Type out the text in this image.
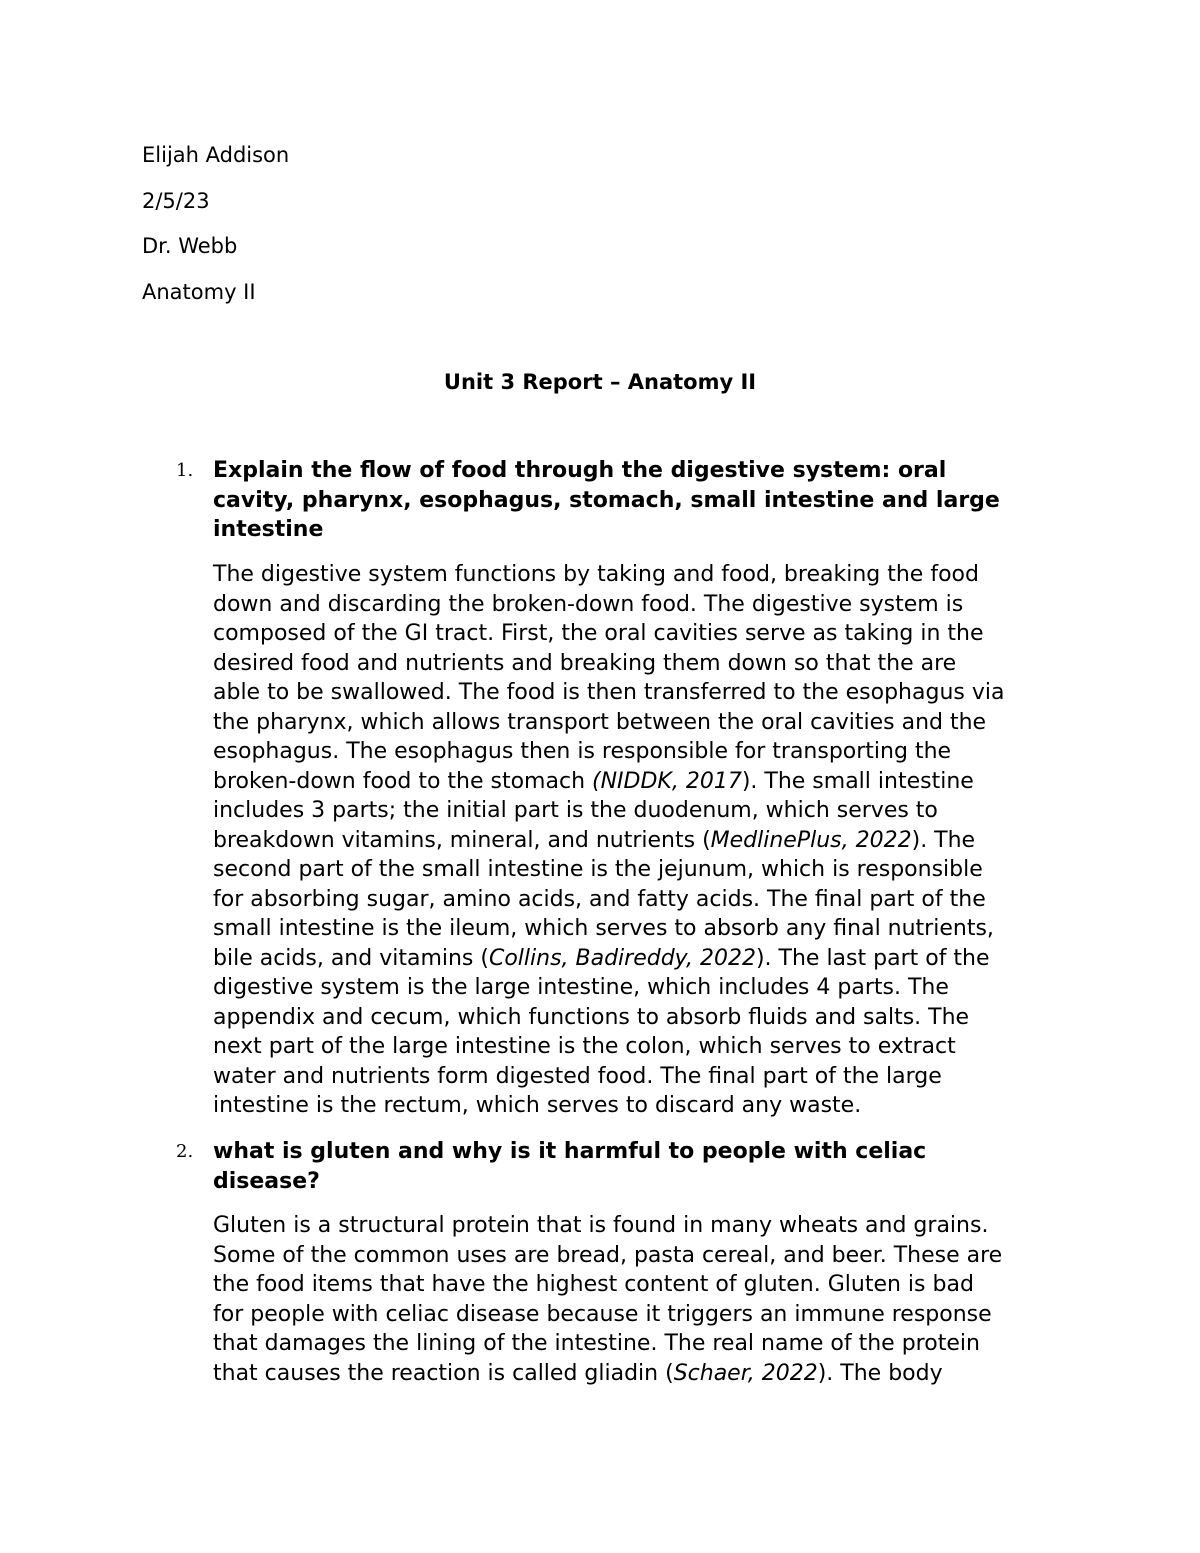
Elijah Addison
2/5/23
Dr. Webb
Anatomy II
Unit 3 Report – Anatomy II
1. Explain the flow of food through the digestive system: oral
cavity, pharynx, esophagus, stomach, small intestine and large
intestine
The digestive system functions by taking and food, breaking the food
down and discarding the broken-down food. The digestive system is
composed of the GI tract. First, the oral cavities serve as taking in the
desired food and nutrients and breaking them down so that the are
able to be swallowed. The food is then transferred to the esophagus via
the pharynx, which allows transport between the oral cavities and the
esophagus. The esophagus then is responsible for transporting the
broken-down food to the stomach (NIDDK, 2017). The small intestine
includes 3 parts; the initial part is the duodenum, which serves to
breakdown vitamins, mineral, and nutrients (MedlinePlus, 2022). The
second part of the small intestine is the jejunum, which is responsible
for absorbing sugar, amino acids, and fatty acids. The final part of the
small intestine is the ileum, which serves to absorb any final nutrients,
bile acids, and vitamins (Collins, Badireddy, 2022). The last part of the
digestive system is the large intestine, which includes 4 parts. The
appendix and cecum, which functions to absorb fluids and salts. The
next part of the large intestine is the colon, which serves to extract
water and nutrients form digested food. The final part of the large
intestine is the rectum, which serves to discard any waste.
2. what is gluten and why is it harmful to people with celiac
disease?
Gluten is a structural protein that is found in many wheats and grains.
Some of the common uses are bread, pasta cereal, and beer. These are
the food items that have the highest content of gluten. Gluten is bad
for people with celiac disease because it triggers an immune response
that damages the lining of the intestine. The real name of the protein
that causes the reaction is called gliadin (Schaer, 2022). The body
